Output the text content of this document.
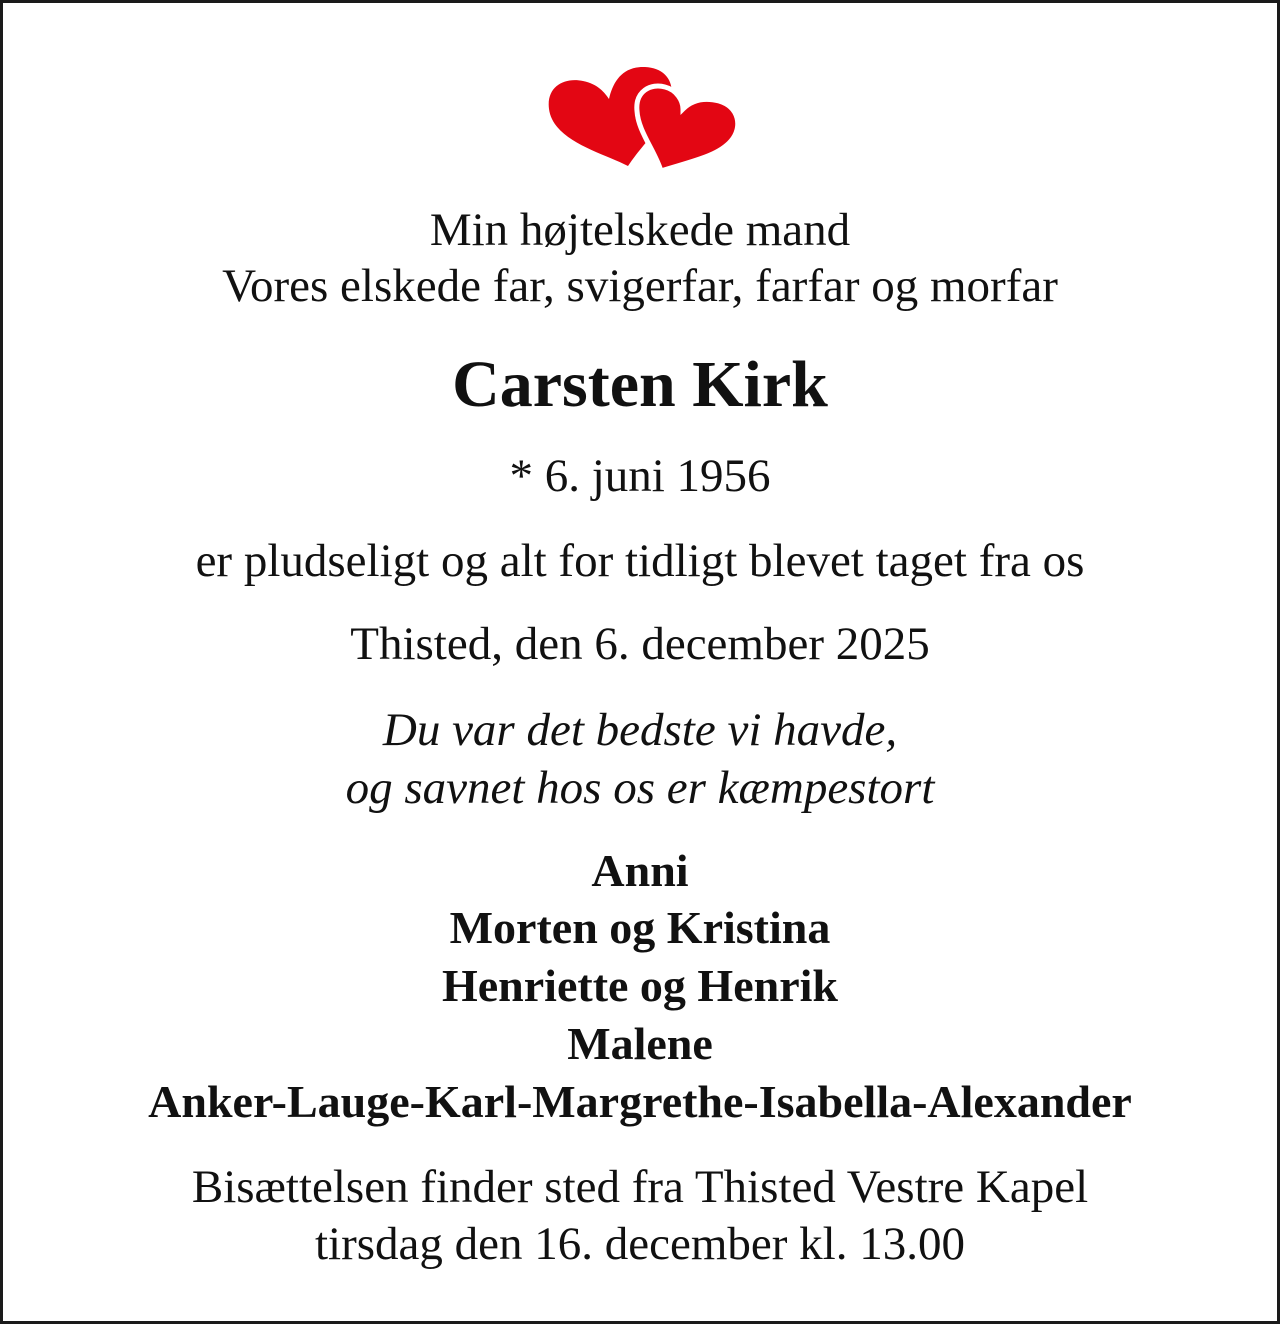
Min højtelskede mand
Vores elskede far, svigerfar, farfar og morfar
Carsten Kirk
* 6. juni 1956
er pludseligt og alt for tidligt blevet taget fra os
Thisted, den 6. december 2025
Du var det bedste vi havde,
og savnet hos os er kæmpestort
Anni
Morten og Kristina
Henriette og Henrik
Malene
Anker-Lauge-Karl-Margrethe-Isabella-Alexander
Bisættelsen finder sted fra Thisted Vestre Kapel
tirsdag den 16. december kl. 13.00
